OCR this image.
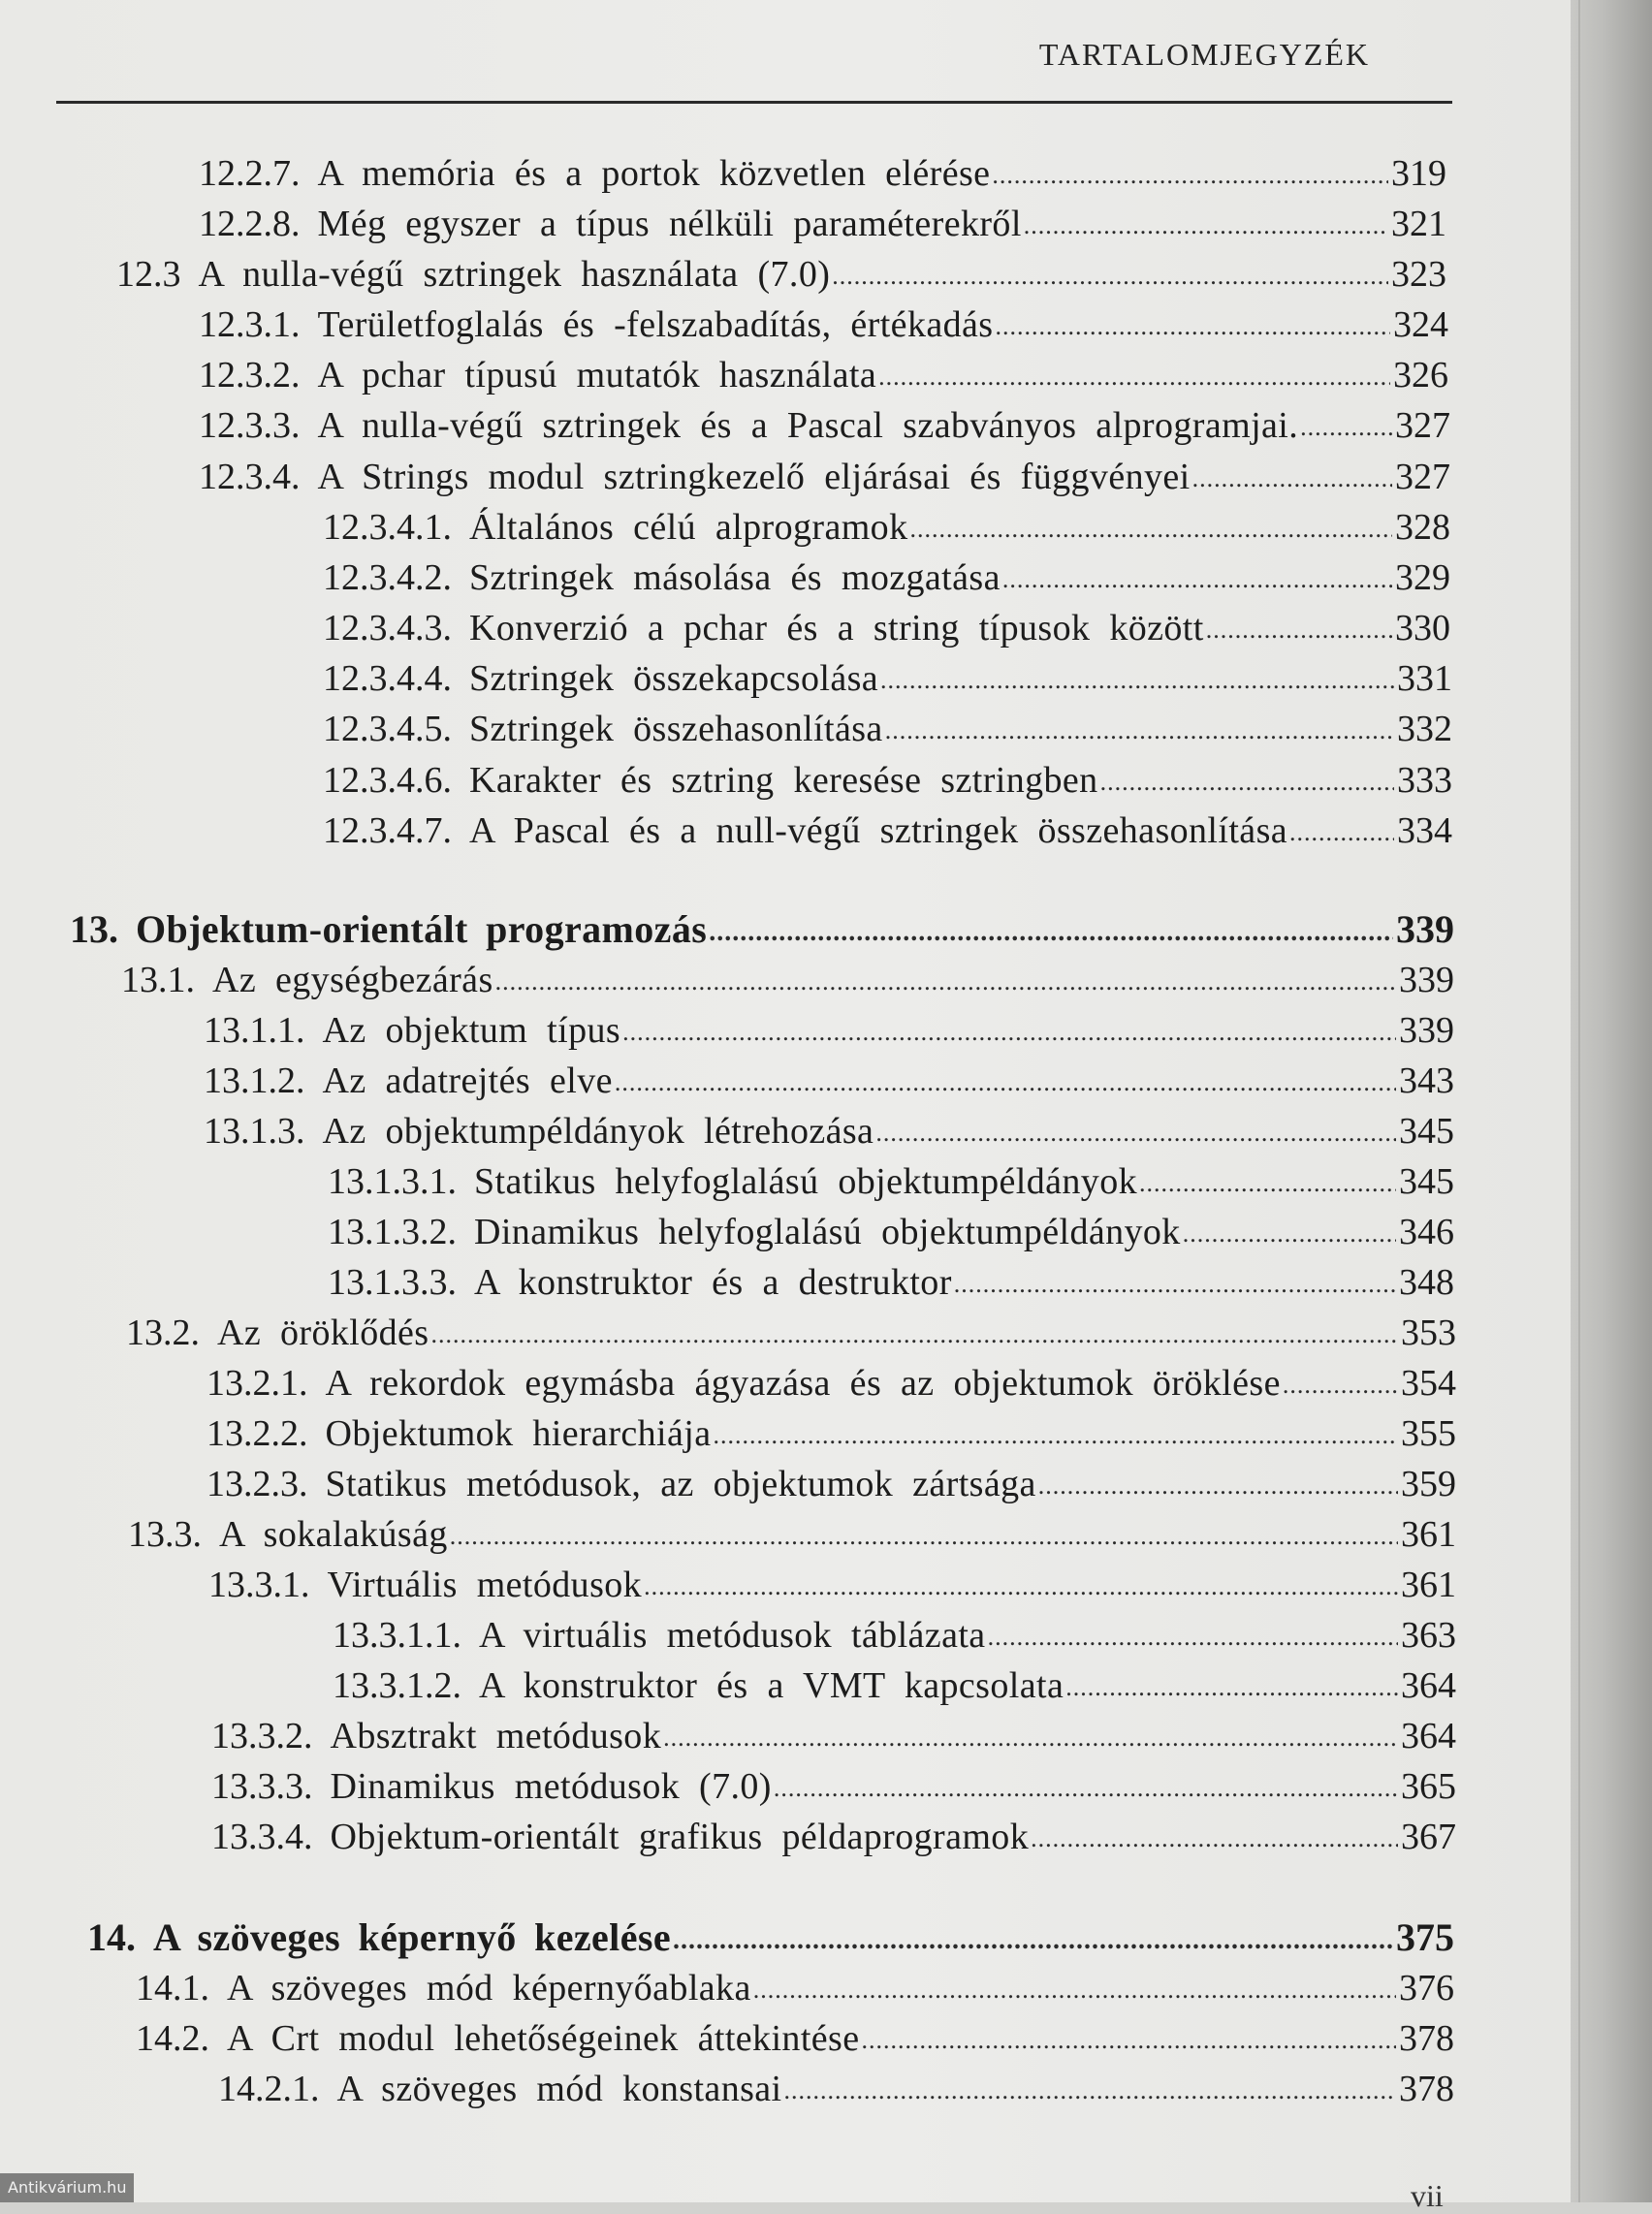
TARTALOMJEGYZÉK
12.2.7. A memória és a portok közvetlen elérése .....	319
12.2.8. Még egyszer a típus nélküli paraméterekről .....	321
12.3 A nulla-végű sztringek használata (7.0) .....	323
12.3.1. Területfoglalás és -felszabadítás, értékadás .....	324
12.3.2. A pchar típusú mutatók használata .....	326
12.3.3. A nulla-végű sztringek és a Pascal szabványos alprogramjai. .....	327
12.3.4. A Strings modul sztringkezelő eljárásai és függvényei .....	327
12.3.4.1. Általános célú alprogramok .....	328
12.3.4.2. Sztringek másolása és mozgatása .....	329
12.3.4.3. Konverzió a pchar és a string típusok között .....	330
12.3.4.4. Sztringek összekapcsolása .....	331
12.3.4.5. Sztringek összehasonlítása .....	332
12.3.4.6. Karakter és sztring keresése sztringben .....	333
12.3.4.7. A Pascal és a null-végű sztringek összehasonlítása .....	334
13. Objektum-orientált programozás .....	339
13.1. Az egységbezárás .....	339
13.1.1. Az objektum típus .....	339
13.1.2. Az adatrejtés elve .....	343
13.1.3. Az objektumpéldányok létrehozása .....	345
13.1.3.1. Statikus helyfoglalású objektumpéldányok .....	345
13.1.3.2. Dinamikus helyfoglalású objektumpéldányok .....	346
13.1.3.3. A konstruktor és a destruktor .....	348
13.2. Az öröklődés .....	353
13.2.1. A rekordok egymásba ágyazása és az objektumok öröklése .....	354
13.2.2. Objektumok hierarchiája .....	355
13.2.3. Statikus metódusok, az objektumok zártsága .....	359
13.3. A sokalakúság .....	361
13.3.1. Virtuális metódusok .....	361
13.3.1.1. A virtuális metódusok táblázata .....	363
13.3.1.2. A konstruktor és a VMT kapcsolata .....	364
13.3.2. Absztrakt metódusok .....	364
13.3.3. Dinamikus metódusok (7.0) .....	365
13.3.4. Objektum-orientált grafikus példaprogramok .....	367
14. A szöveges képernyő kezelése .....	375
14.1. A szöveges mód képernyőablaka .....	376
14.2. A Crt modul lehetőségeinek áttekintése .....	378
14.2.1. A szöveges mód konstansai .....	378
vii
Antikvárium.hu
